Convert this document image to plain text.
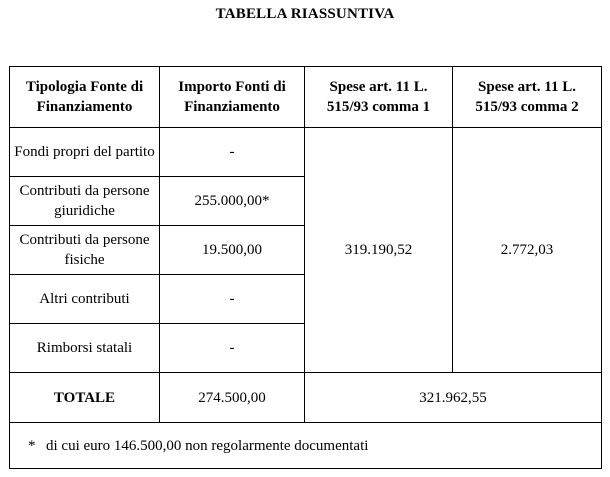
TABELLA RIASSUNTIVA
Tipologia Fonte di Finanziamento	Importo Fonti di Finanziamento	Spese art. 11 L. 515/93 comma 1	Spese art. 11 L. 515/93 comma 2
Fondi propri del partito	-	319.190,52	2.772,03
Contributi da persone giuridiche	255.000,00*		
Contributi da persone fisiche	19.500,00		
Altri contributi	-		
Rimborsi statali	-		
TOTALE	274.500,00	321.962,55	
* di cui euro 146.500,00 non regolarmente documentati			
